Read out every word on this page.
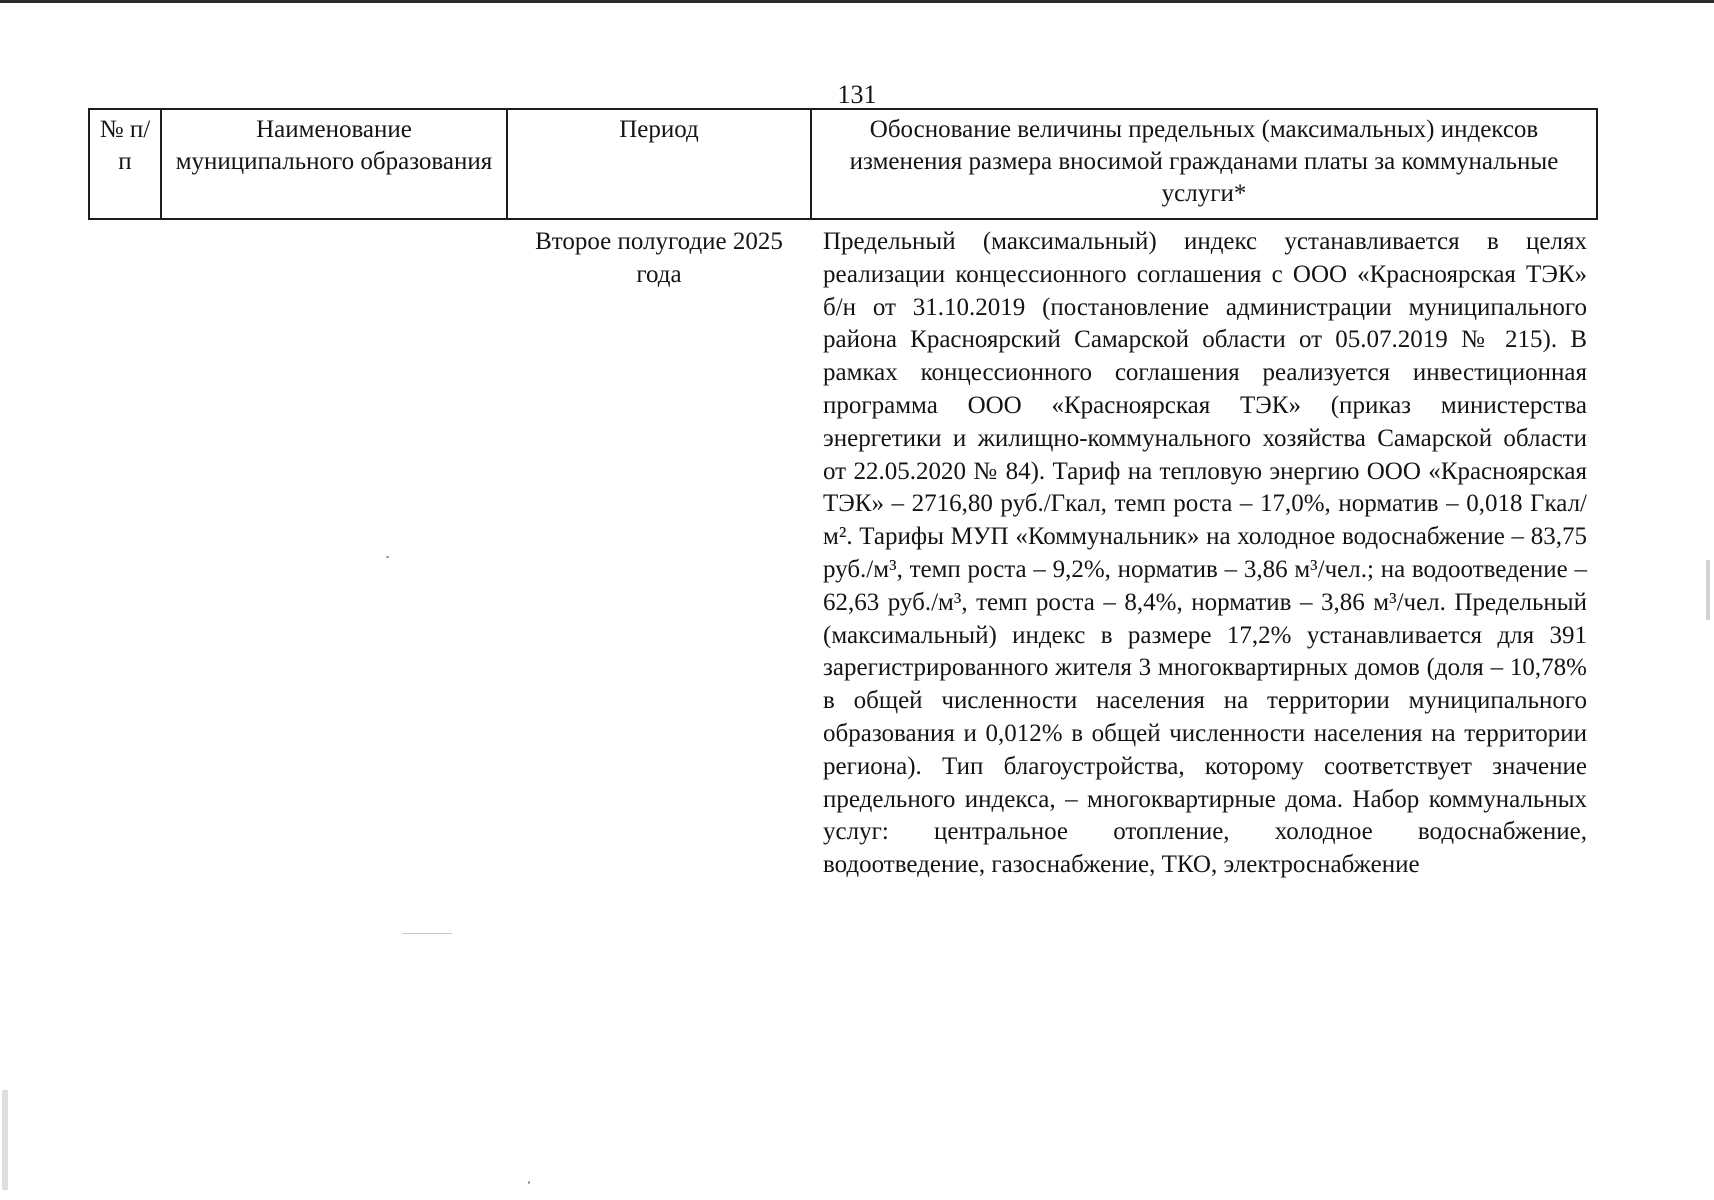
131
№ п/п	Наименование муниципального образования	Период	Обоснование величины предельных (максимальных) индексов изменения размера вносимой гражданами платы за коммунальные услуги*
		Второе полугодие 2025 года	Предельный (максимальный) индекс устанавливается в целях реализации концессионного соглашения с ООО «Красноярская ТЭК» б/н от 31.10.2019 (постановление администрации муниципального района Красноярский Самарской области от 05.07.2019 № 215). В рамках концессионного соглашения реализуется инвестиционная программа ООО «Красноярская ТЭК» (приказ министерства энергетики и жилищно-коммунального хозяйства Самарской области от 22.05.2020 № 84). Тариф на тепловую энергию ООО «Красноярская ТЭК» – 2716,80 руб./Гкал, темп роста – 17,0%, норматив – 0,018 Гкал/м². Тарифы МУП «Коммунальник» на холодное водоснабжение – 83,75 руб./м³, темп роста – 9,2%, норматив – 3,86 м³/чел.; на водоотведение – 62,63 руб./м³, темп роста – 8,4%, норматив – 3,86 м³/чел. Предельный (максимальный) индекс в размере 17,2% устанавливается для 391 зарегистрированного жителя 3 многоквартирных домов (доля – 10,78% в общей численности населения на территории муниципального образования и 0,012% в общей численности населения на территории региона). Тип благоустройства, которому соответствует значение предельного индекса, – многоквартирные дома. Набор коммунальных услуг: центральное отопление, холодное водоснабжение, водоотведение, газоснабжение, ТКО, электроснабжение
